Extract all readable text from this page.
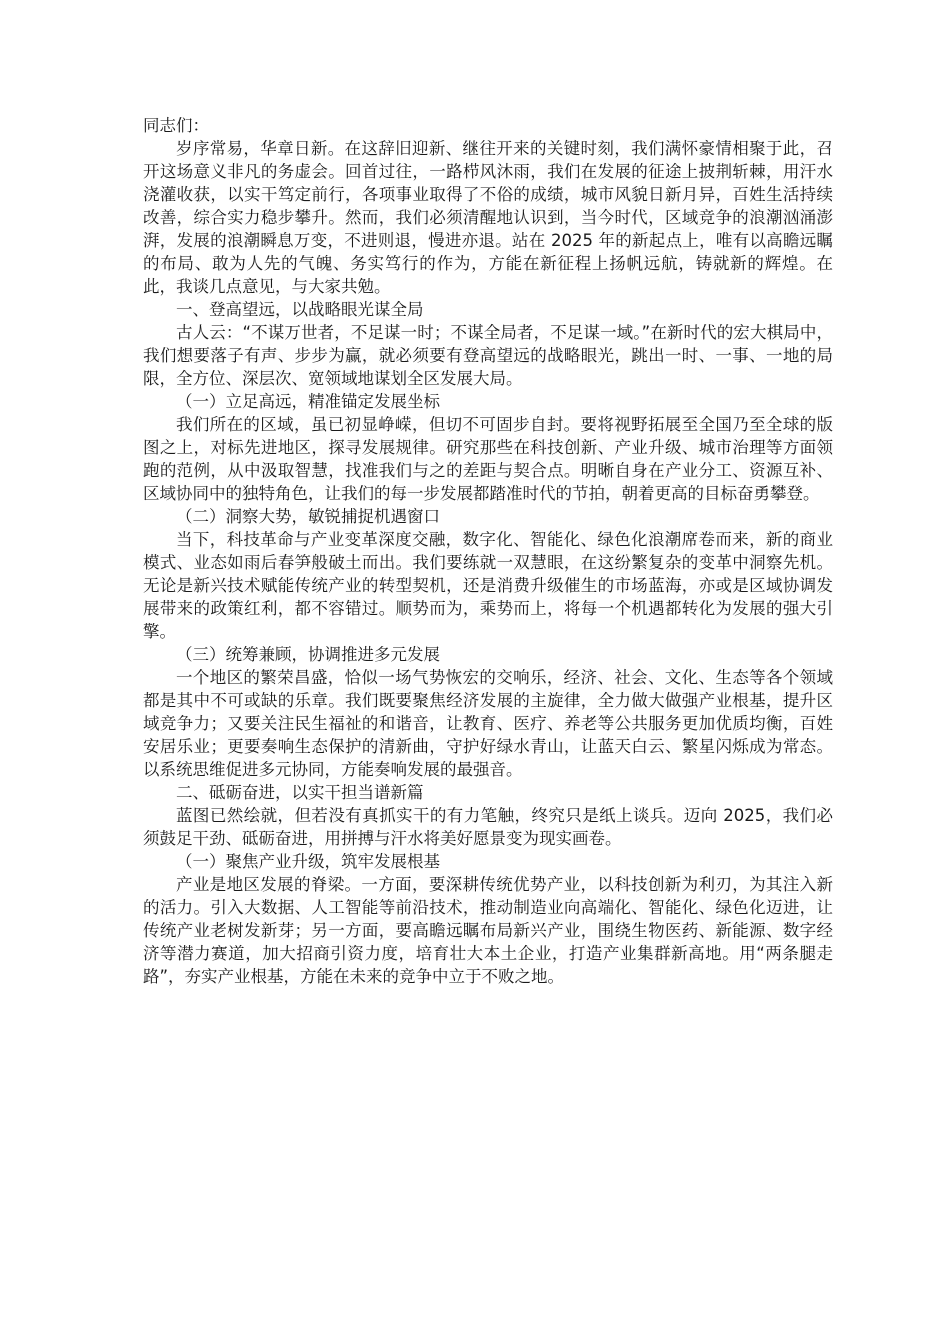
同志们：

岁序常易，华章日新。在这辞旧迎新、继往开来的关键时刻，我们满怀豪情相聚于此，召开这场意义非凡的务虚会。回首过往，一路栉风沐雨，我们在发展的征途上披荆斩棘，用汗水浇灌收获，以实干笃定前行，各项事业取得了不俗的成绩，城市风貌日新月异，百姓生活持续改善，综合实力稳步攀升。然而，我们必须清醒地认识到，当今时代，区域竞争的浪潮汹涌澎湃，发展的浪潮瞬息万变，不进则退，慢进亦退。站在 2025 年的新起点上，唯有以高瞻远瞩的布局、敢为人先的气魄、务实笃行的作为，方能在新征程上扬帆远航，铸就新的辉煌。在此，我谈几点意见，与大家共勉。

一、登高望远，以战略眼光谋全局

古人云：“不谋万世者，不足谋一时；不谋全局者，不足谋一域。”在新时代的宏大棋局中，我们想要落子有声、步步为赢，就必须要有登高望远的战略眼光，跳出一时、一事、一地的局限，全方位、深层次、宽领域地谋划全区发展大局。

（一）立足高远，精准锚定发展坐标

我们所在的区域，虽已初显峥嵘，但切不可固步自封。要将视野拓展至全国乃至全球的版图之上，对标先进地区，探寻发展规律。研究那些在科技创新、产业升级、城市治理等方面领跑的范例，从中汲取智慧，找准我们与之的差距与契合点。明晰自身在产业分工、资源互补、区域协同中的独特角色，让我们的每一步发展都踏准时代的节拍，朝着更高的目标奋勇攀登。

（二）洞察大势，敏锐捕捉机遇窗口

当下，科技革命与产业变革深度交融，数字化、智能化、绿色化浪潮席卷而来，新的商业模式、业态如雨后春笋般破土而出。我们要练就一双慧眼，在这纷繁复杂的变革中洞察先机。无论是新兴技术赋能传统产业的转型契机，还是消费升级催生的市场蓝海，亦或是区域协调发展带来的政策红利，都不容错过。顺势而为，乘势而上，将每一个机遇都转化为发展的强大引擎。

（三）统筹兼顾，协调推进多元发展

一个地区的繁荣昌盛，恰似一场气势恢宏的交响乐，经济、社会、文化、生态等各个领域都是其中不可或缺的乐章。我们既要聚焦经济发展的主旋律，全力做大做强产业根基，提升区域竞争力；又要关注民生福祉的和谐音，让教育、医疗、养老等公共服务更加优质均衡，百姓安居乐业；更要奏响生态保护的清新曲，守护好绿水青山，让蓝天白云、繁星闪烁成为常态。以系统思维促进多元协同，方能奏响发展的最强音。

二、砥砺奋进，以实干担当谱新篇

蓝图已然绘就，但若没有真抓实干的有力笔触，终究只是纸上谈兵。迈向 2025，我们必须鼓足干劲、砥砺奋进，用拼搏与汗水将美好愿景变为现实画卷。

（一）聚焦产业升级，筑牢发展根基

产业是地区发展的脊梁。一方面，要深耕传统优势产业，以科技创新为利刃，为其注入新的活力。引入大数据、人工智能等前沿技术，推动制造业向高端化、智能化、绿色化迈进，让传统产业老树发新芽；另一方面，要高瞻远瞩布局新兴产业，围绕生物医药、新能源、数字经济等潜力赛道，加大招商引资力度，培育壮大本土企业，打造产业集群新高地。用“两条腿走路”，夯实产业根基，方能在未来的竞争中立于不败之地。
